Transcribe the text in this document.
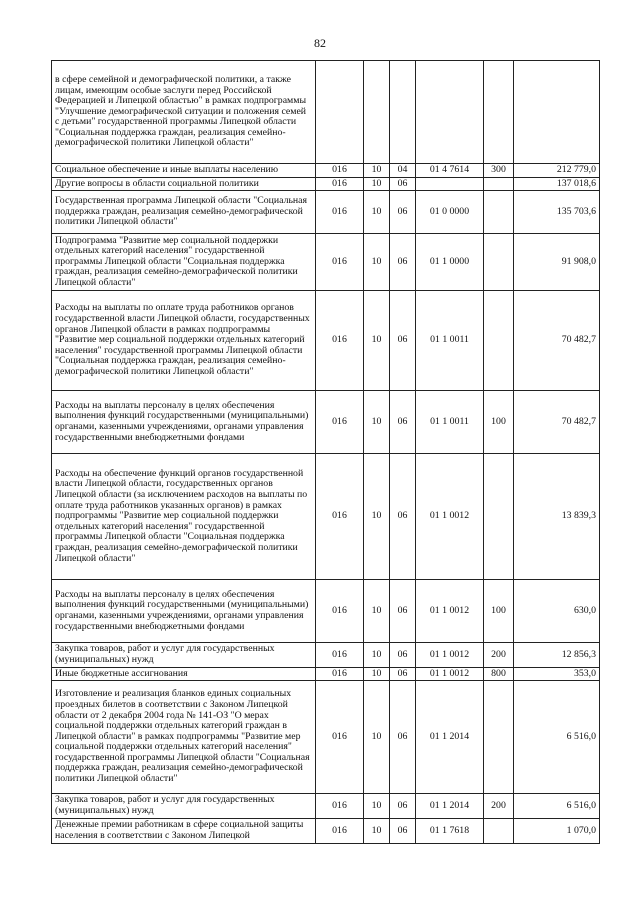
82
в сфере семейной и демографической политики, а также лицам, имеющим особые заслуги перед Российской Федерацией и Липецкой областью" в рамках подпрограммы "Улучшение демографической ситуации и положения семей с детьми" государственной программы Липецкой области "Социальная поддержка граждан, реализация семейно-демографической политики Липецкой области"						
Социальное обеспечение и иные выплаты населению	016	10	04	01 4 7614	300	212 779,0
Другие вопросы в области социальной политики	016	10	06			137 018,6
Государственная программа Липецкой области "Социальная поддержка граждан, реализация семейно-демографической политики Липецкой области"	016	10	06	01 0 0000		135 703,6
Подпрограмма "Развитие мер социальной поддержки отдельных категорий населения" государственной программы Липецкой области "Социальная поддержка граждан, реализация семейно-демографической политики Липецкой области"	016	10	06	01 1 0000		91 908,0
Расходы на выплаты по оплате труда работников органов государственной власти Липецкой области, государственных органов Липецкой области в рамках подпрограммы "Развитие мер социальной поддержки отдельных категорий населения" государственной программы Липецкой области "Социальная поддержка граждан, реализация семейно-демографической политики Липецкой области"	016	10	06	01 1 0011		70 482,7
Расходы на выплаты персоналу в целях обеспечения выполнения функций государственными (муниципальными) органами, казенными учреждениями, органами управления государственными внебюджетными фондами	016	10	06	01 1 0011	100	70 482,7
Расходы на обеспечение функций органов государственной власти Липецкой области, государственных органов Липецкой области (за исключением расходов на выплаты по оплате труда работников указанных органов) в рамках подпрограммы "Развитие мер социальной поддержки отдельных категорий населения" государственной программы Липецкой области "Социальная поддержка граждан, реализация семейно-демографической политики Липецкой области"	016	10	06	01 1 0012		13 839,3
Расходы на выплаты персоналу в целях обеспечения выполнения функций государственными (муниципальными) органами, казенными учреждениями, органами управления государственными внебюджетными фондами	016	10	06	01 1 0012	100	630,0
Закупка товаров, работ и услуг для государственных (муниципальных) нужд	016	10	06	01 1 0012	200	12 856,3
Иные бюджетные ассигнования	016	10	06	01 1 0012	800	353,0
Изготовление и реализация бланков единых социальных проездных билетов в соответствии с Законом Липецкой области от 2 декабря 2004 года № 141-ОЗ "О мерах социальной поддержки отдельных категорий граждан в Липецкой области" в рамках подпрограммы "Развитие мер социальной поддержки отдельных категорий населения" государственной программы Липецкой области "Социальная поддержка граждан, реализация семейно-демографической политики Липецкой области"	016	10	06	01 1 2014		6 516,0
Закупка товаров, работ и услуг для государственных (муниципальных) нужд	016	10	06	01 1 2014	200	6 516,0
Денежные премии работникам в сфере социальной защиты населения в соответствии с Законом Липецкой	016	10	06	01 1 7618		1 070,0
